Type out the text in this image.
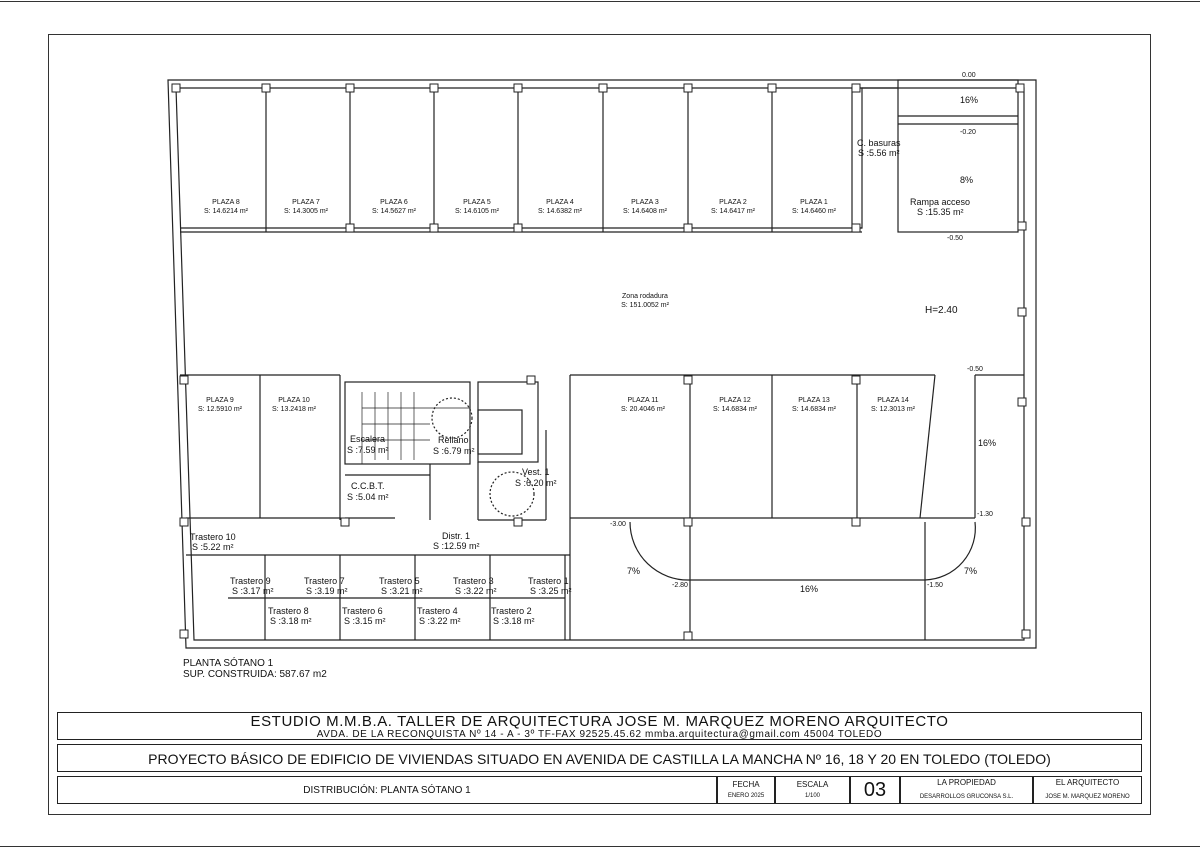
PLAZA 8
S: 14.6214 m²
PLAZA 7
S: 14.3005 m²
PLAZA 6
S: 14.5627 m²
PLAZA 5
S: 14.6105 m²
PLAZA 4
S: 14.6382 m²
PLAZA 3
S: 14.6408 m²
PLAZA 2
S: 14.6417 m²
PLAZA 1
S: 14.6460 m²
PLAZA 9
S: 12.5910 m²
PLAZA 10
S: 13.2418 m²
PLAZA 11
S: 20.4046 m²
PLAZA 12
S: 14.6834 m²
PLAZA 13
S: 14.6834 m²
PLAZA 14
S: 12.3013 m²
Zona rodadura
S: 151.0052 m²	H=2.40
C. basuras
S :5.56 m²
Rampa acceso
S :15.35 m²
Escalera
S :7.59 m²
Rellano
S :6.79 m²
Vest. 1
S :6.20 m²
C.C.B.T.
S :5.04 m²
Distr. 1
S :12.59 m²
Trastero 10
S :5.22 m²
Trastero 9
S :3.17 m²
Trastero 8
S :3.18 m²
Trastero 7
S :3.19 m²
Trastero 6
S :3.15 m²
Trastero 5
S :3.21 m²
Trastero 4
S :3.22 m²
Trastero 3
S :3.22 m²
Trastero 2
S :3.18 m²
Trastero 1
S :3.25 m²
0.00
-0.20
-0.50
-0.50
-1.30
-3.00
-2.80	-1.50
16%
8%
16%
16%
7%	7%
PLANTA SÓTANO 1
SUP. CONSTRUIDA: 587.67 m2
ESTUDIO M.M.B.A. TALLER DE ARQUITECTURA JOSE M. MARQUEZ MORENO ARQUITECTO
AVDA. DE LA RECONQUISTA Nº 14 - A - 3º TF-FAX 92525.45.62 mmba.arquitectura@gmail.com 45004 TOLEDO
PROYECTO BÁSICO DE EDIFICIO DE VIVIENDAS SITUADO EN AVENIDA DE CASTILLA LA MANCHA Nº 16, 18 Y 20 EN TOLEDO (TOLEDO)
DISTRIBUCIÓN: PLANTA SÓTANO 1
FECHA
ENERO 2025
ESCALA
1/100	03	LA PROPIEDAD
DESARROLLOS GRUCONSA S.L.
EL ARQUITECTO
JOSE M. MARQUEZ MORENO
